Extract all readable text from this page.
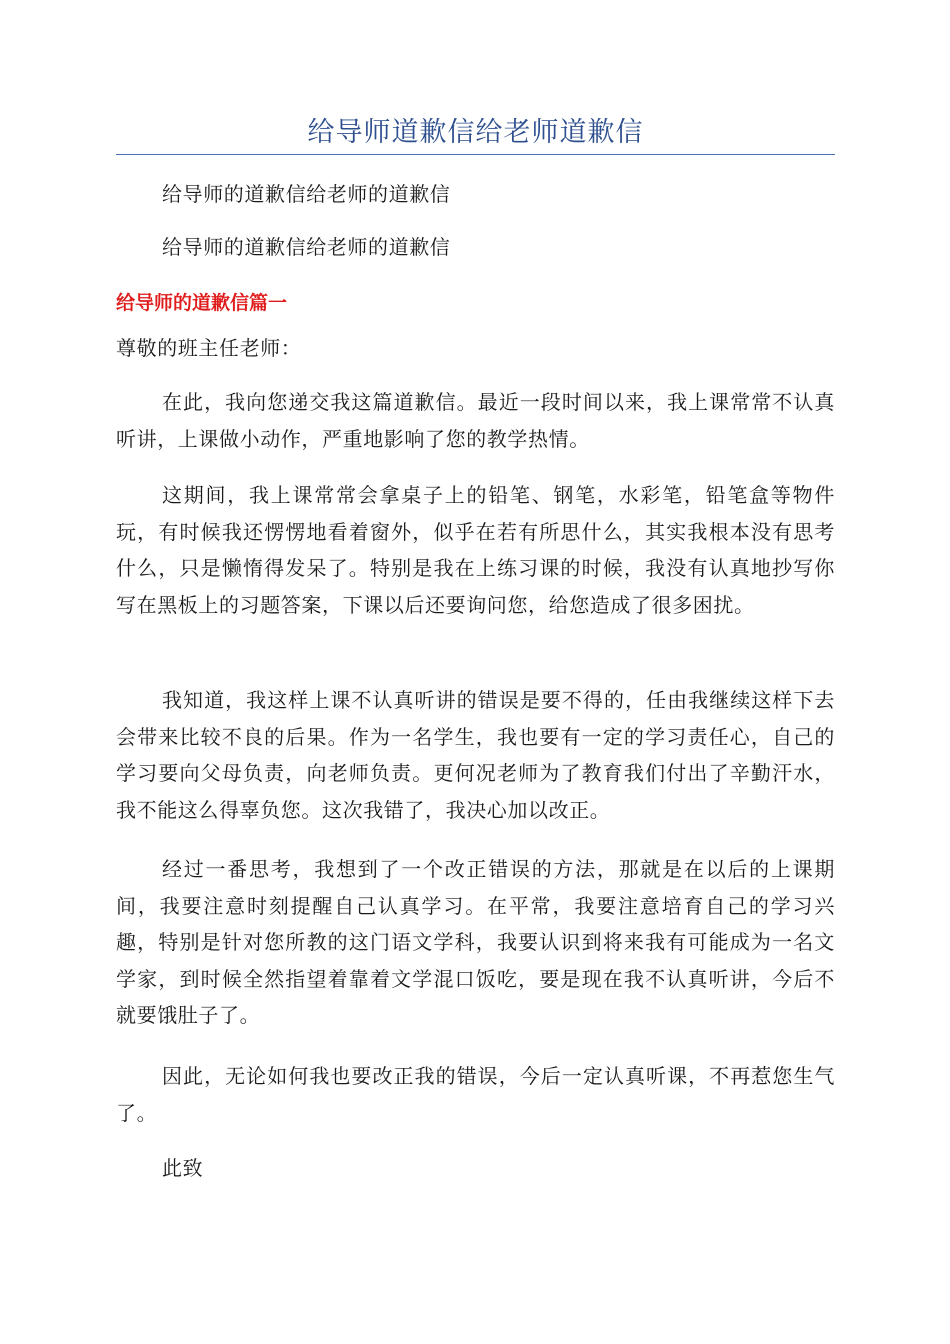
给导师道歉信给老师道歉信

给导师的道歉信给老师的道歉信

给导师的道歉信给老师的道歉信

给导师的道歉信篇一

尊敬的班主任老师：

在此，我向您递交我这篇道歉信。最近一段时间以来，我上课常常不认真听讲，上课做小动作，严重地影响了您的教学热情。

这期间，我上课常常会拿桌子上的铅笔、钢笔，水彩笔，铅笔盒等物件玩，有时候我还愣愣地看着窗外，似乎在若有所思什么，其实我根本没有思考什么，只是懒惰得发呆了。特别是我在上练习课的时候，我没有认真地抄写你写在黑板上的习题答案，下课以后还要询问您，给您造成了很多困扰。

我知道，我这样上课不认真听讲的错误是要不得的，任由我继续这样下去会带来比较不良的后果。作为一名学生，我也要有一定的学习责任心，自己的学习要向父母负责，向老师负责。更何况老师为了教育我们付出了辛勤汗水，我不能这么得辜负您。这次我错了，我决心加以改正。

经过一番思考，我想到了一个改正错误的方法，那就是在以后的上课期间，我要注意时刻提醒自己认真学习。在平常，我要注意培育自己的学习兴趣，特别是针对您所教的这门语文学科，我要认识到将来我有可能成为一名文学家，到时候全然指望着靠着文学混口饭吃，要是现在我不认真听讲，今后不就要饿肚子了。

因此，无论如何我也要改正我的错误，今后一定认真听课，不再惹您生气了。

此致
